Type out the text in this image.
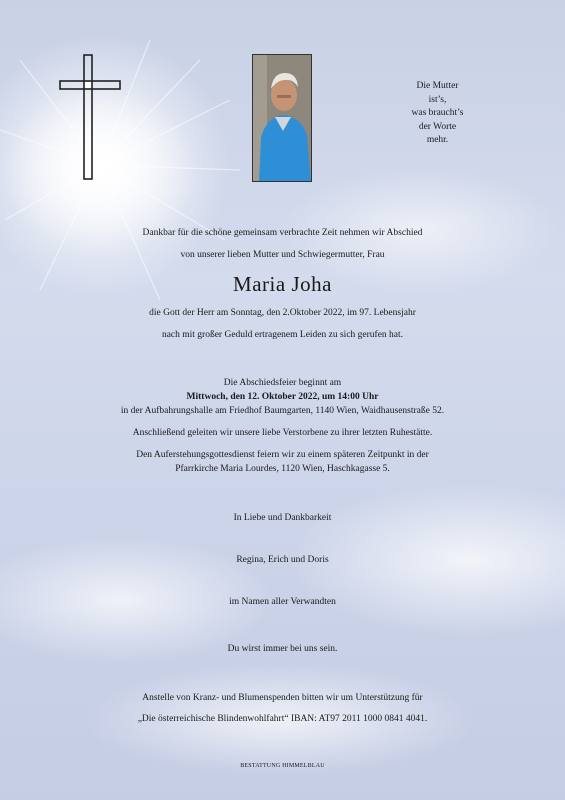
Die Mutter
ist’s,
was braucht’s
der Worte
mehr.
Dankbar für die schöne gemeinsam verbrachte Zeit nehmen wir Abschied
von unserer lieben Mutter und Schwiegermutter, Frau
Maria Joha
die Gott der Herr am Sonntag, den 2.Oktober 2022, im 97. Lebensjahr
nach mit großer Geduld ertragenem Leiden zu sich gerufen hat.
Die Abschiedsfeier beginnt am
Mittwoch, den 12. Oktober 2022, um 14:00 Uhr
in der Aufbahrungshalle am Friedhof Baumgarten, 1140 Wien, Waidhausenstraße 52.
Anschließend geleiten wir unsere liebe Verstorbene zu ihrer letzten Ruhestätte.
Den Auferstehungsgottesdienst feiern wir zu einem späteren Zeitpunkt in der
Pfarrkirche Maria Lourdes, 1120 Wien, Haschkagasse 5.
In Liebe und Dankbarkeit
Regina, Erich und Doris
im Namen aller Verwandten
Du wirst immer bei uns sein.
Anstelle von Kranz- und Blumenspenden bitten wir um Unterstützung für
„Die österreichische Blindenwohlfahrt“ IBAN: AT97 2011 1000 0841 4041.
BESTATTUNG HIMMELBLAU
